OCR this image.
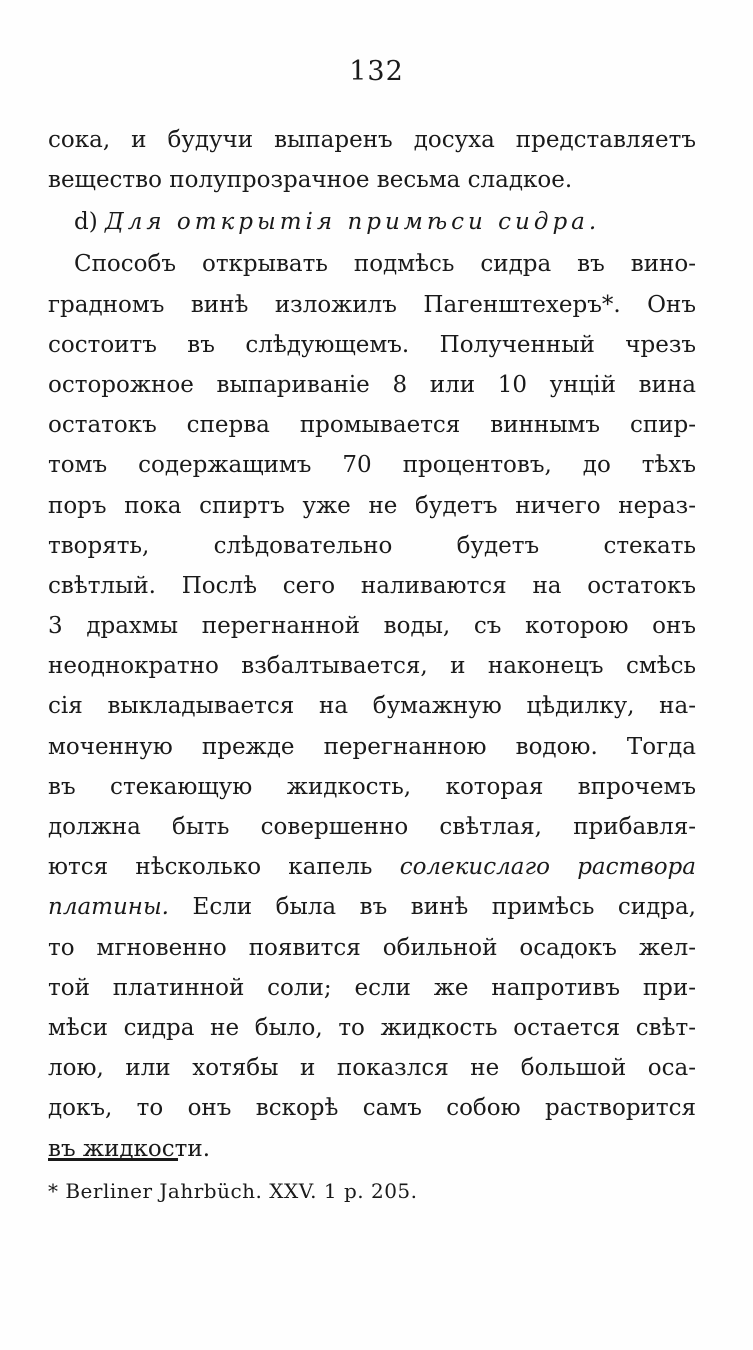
132
сока, и будучи выпаренъ досуха представляетъ
вещество полупрозрачное весьма сладкое.
d) Для открытія примѣси сидра.
Способъ открывать подмѣсь сидра въ вино-
градномъ винѣ изложилъ Пагенштехеръ*. Онъ
состоитъ въ слѣдующемъ. Полученный чрезъ
осторожное выпариваніе 8 или 10 унцій вина
остатокъ сперва промывается виннымъ спир-
томъ содержащимъ 70 процентовъ, до тѣхъ
поръ пока спиртъ уже не будетъ ничего нераз-
творять, слѣдовательно будетъ стекать
свѣтлый. Послѣ сего наливаются на остатокъ
3 драхмы перегнанной воды, съ которою онъ
неоднократно взбалтывается, и наконецъ смѣсь
сія выкладывается на бумажную цѣдилку, на-
моченную прежде перегнанною водою. Тогда
въ стекающую жидкость, которая впрочемъ
должна быть совершенно свѣтлая, прибавля-
ются нѣсколько капель солекислаго раствора
платины. Если была въ винѣ примѣсь сидра,
то мгновенно появится обильной осадокъ жел-
той платинной соли; если же напротивъ при-
мѣси сидра не было, то жидкость остается свѣт-
лою, или хотябы и показлся не большой оса-
докъ, то онъ вскорѣ самъ собою растворится
въ жидкости.
* Berliner Jahrbüch. XXV. 1 p. 205.
